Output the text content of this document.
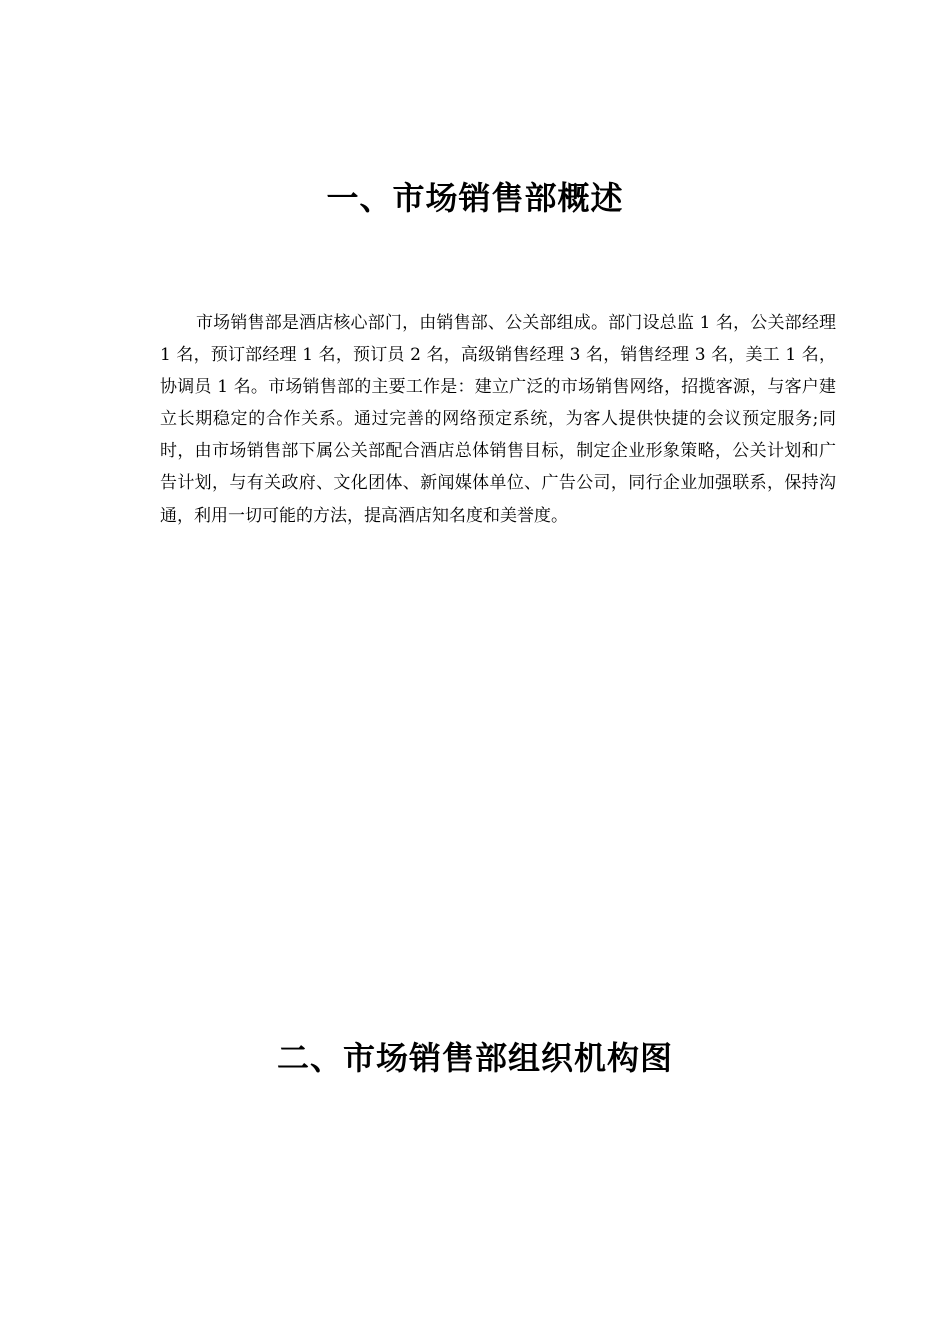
一、市场销售部概述

市场销售部是酒店核心部门，由销售部、公关部组成。部门设总监 1 名，公关部经理 1 名，预订部经理 1 名，预订员 2 名，高级销售经理 3 名，销售经理 3 名，美工 1 名，协调员 1 名。市场销售部的主要工作是：建立广泛的市场销售网络，招揽客源，与客户建立长期稳定的合作关系。通过完善的网络预定系统，为客人提供快捷的会议预定服务;同时，由市场销售部下属公关部配合酒店总体销售目标，制定企业形象策略，公关计划和广告计划，与有关政府、文化团体、新闻媒体单位、广告公司，同行企业加强联系，保持沟通，利用一切可能的方法，提高酒店知名度和美誉度。

二、市场销售部组织机构图
